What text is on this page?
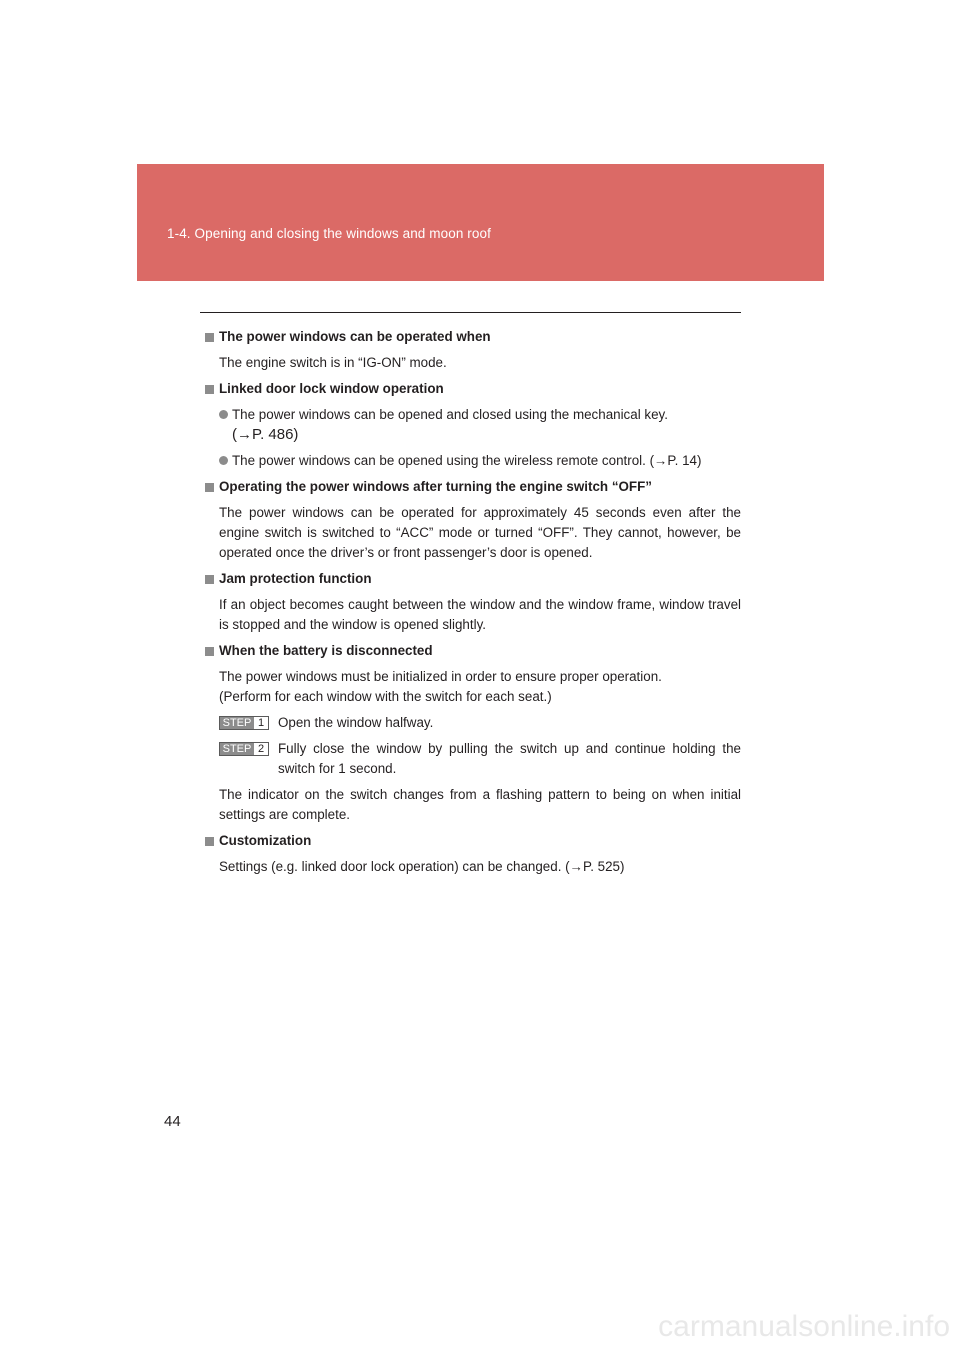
1-4. Opening and closing the windows and moon roof
The power windows can be operated when
The engine switch is in “IG-ON” mode.
Linked door lock window operation
The power windows can be opened and closed using the mechanical key.
(→P. 486)
The power windows can be opened using the wireless remote control. (→P. 14)
Operating the power windows after turning the engine switch “OFF”
The power windows can be operated for approximately 45 seconds even after the engine switch is switched to “ACC” mode or turned “OFF”. They cannot, however, be operated once the driver’s or front passenger’s door is opened.
Jam protection function
If an object becomes caught between the window and the window frame, window travel is stopped and the window is opened slightly.
When the battery is disconnected
The power windows must be initialized in order to ensure proper operation.
(Perform for each window with the switch for each seat.)
STEP 1 Open the window halfway.
STEP 2 Fully close the window by pulling the switch up and continue holding the switch for 1 second.
The indicator on the switch changes from a flashing pattern to being on when initial settings are complete.
Customization
Settings (e.g. linked door lock operation) can be changed. (→P. 525)
44
carmanualsonline.info
